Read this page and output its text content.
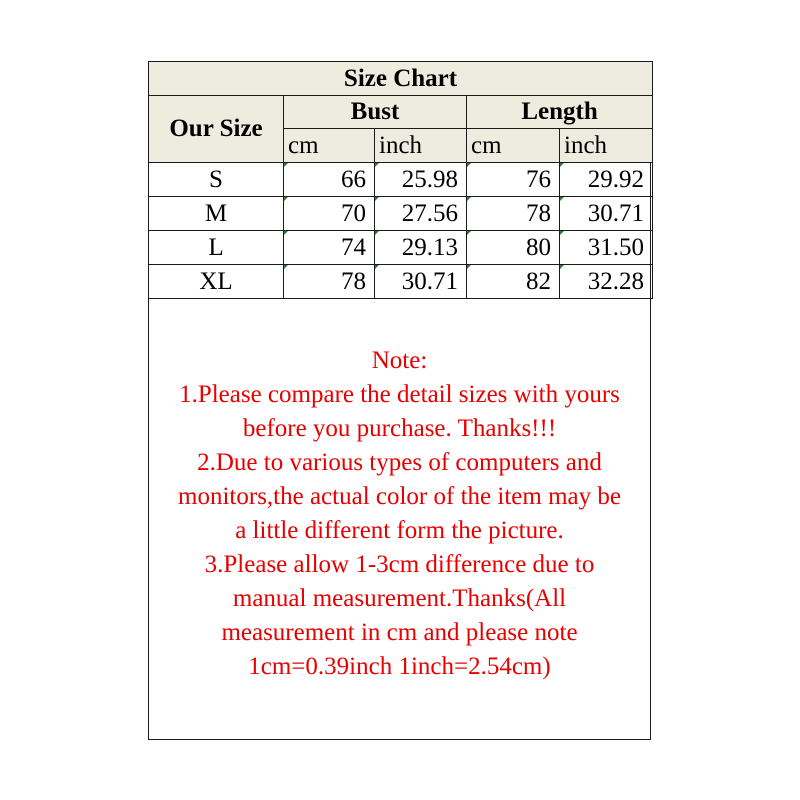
Size Chart				
Our Size	Bust		Length	
	cm	inch	cm	inch
S	66	25.98	76	29.92
M	70	27.56	78	30.71
L	74	29.13	80	31.50
XL	78	30.71	82	32.28
Note:
1.Please compare the detail sizes with yours
before you purchase. Thanks!!!
2.Due to various types of computers and
monitors,the actual color of the item may be
a little different form the picture.
3.Please allow 1-3cm difference due to
manual measurement.Thanks(All
measurement in cm and please note
1cm=0.39inch 1inch=2.54cm)
